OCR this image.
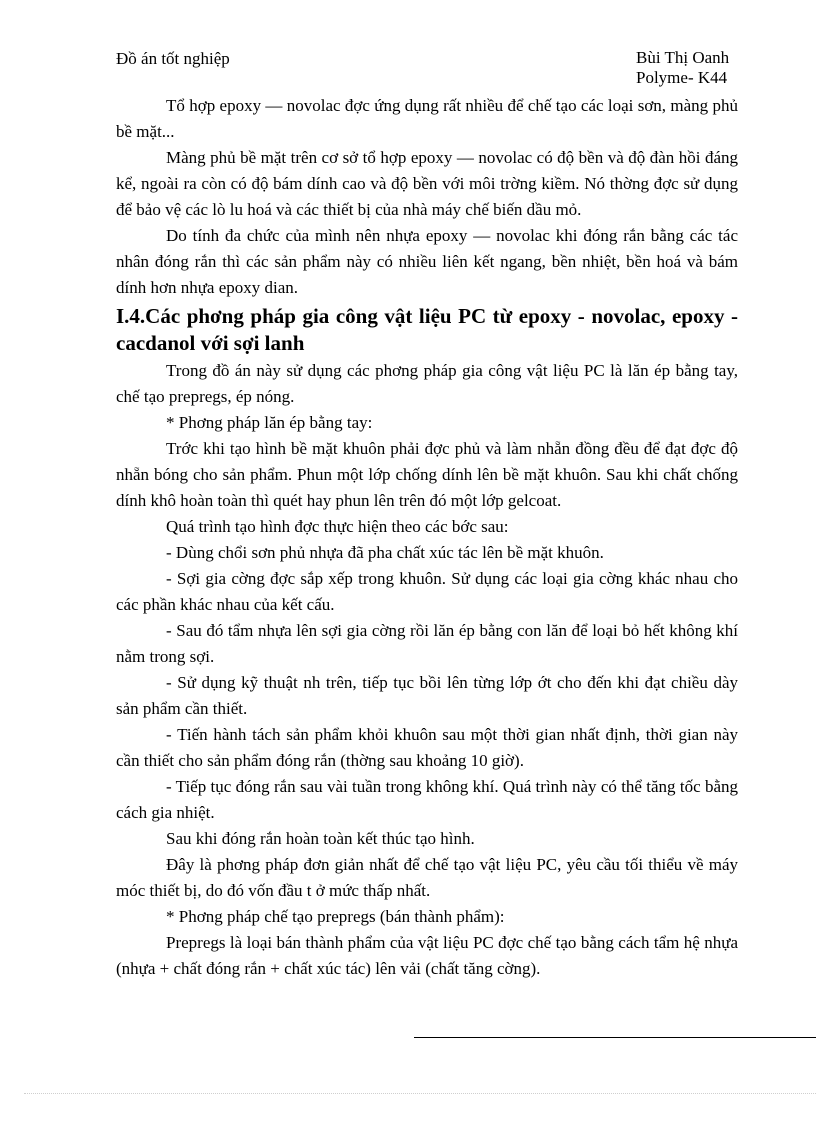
Đồ án tốt nghiệp	Bùi Thị Oanh
Polyme- K44

Tổ hợp epoxy — novolac đợc ứng dụng rất nhiều để chế tạo các loại sơn, màng phủ bề mặt...

Màng phủ bề mặt trên cơ sở tổ hợp epoxy — novolac có độ bền và độ đàn hồi đáng kể, ngoài ra còn có độ bám dính cao và độ bền với môi trờng kiềm. Nó thờng đợc sử dụng để bảo vệ các lò lu hoá và các thiết bị của nhà máy chế biến dầu mỏ.

Do tính đa chức của mình nên nhựa epoxy — novolac khi đóng rắn bằng các tác nhân đóng rắn thì các sản phẩm này có nhiều liên kết ngang, bền nhiệt, bền hoá và bám dính hơn nhựa epoxy dian.

I.4.Các phơng pháp gia công vật liệu PC từ epoxy - novolac, epoxy - cacdanol với sợi lanh

Trong đồ án này sử dụng các phơng pháp gia công vật liệu PC là lăn ép bằng tay, chế tạo prepregs, ép nóng.

* Phơng pháp lăn ép bằng tay:

Trớc khi tạo hình bề mặt khuôn phải đợc phủ và làm nhẵn đồng đều để đạt đợc độ nhẵn bóng cho sản phẩm. Phun một lớp chống dính lên bề mặt khuôn. Sau khi chất chống dính khô hoàn toàn thì quét hay phun lên trên đó một lớp gelcoat.

Quá trình tạo hình đợc thực hiện theo các bớc sau:

- Dùng chổi sơn phủ nhựa đã pha chất xúc tác lên bề mặt khuôn.

- Sợi gia cờng đợc sắp xếp trong khuôn. Sử dụng các loại gia cờng khác nhau cho các phần khác nhau của kết cấu.

- Sau đó tẩm nhựa lên sợi gia cờng rồi lăn ép bằng con lăn để loại bỏ hết không khí nằm trong sợi.

- Sử dụng kỹ thuật nh trên, tiếp tục bồi lên từng lớp ớt cho đến khi đạt chiều dày sản phẩm cần thiết.

- Tiến hành tách sản phẩm khỏi khuôn sau một thời gian nhất định, thời gian này cần thiết cho sản phẩm đóng rắn (thờng sau khoảng 10 giờ).

- Tiếp tục đóng rắn sau vài tuần trong không khí. Quá trình này có thể tăng tốc bằng cách gia nhiệt.

Sau khi đóng rắn hoàn toàn kết thúc tạo hình.

Đây là phơng pháp đơn giản nhất để chế tạo vật liệu PC, yêu cầu tối thiểu về máy móc thiết bị, do đó vốn đầu t ở mức thấp nhất.

* Phơng pháp chế tạo prepregs (bán thành phẩm):

Prepregs là loại bán thành phẩm của vật liệu PC đợc chế tạo bằng cách tẩm hệ nhựa (nhựa + chất đóng rắn + chất xúc tác) lên vải (chất tăng cờng).
